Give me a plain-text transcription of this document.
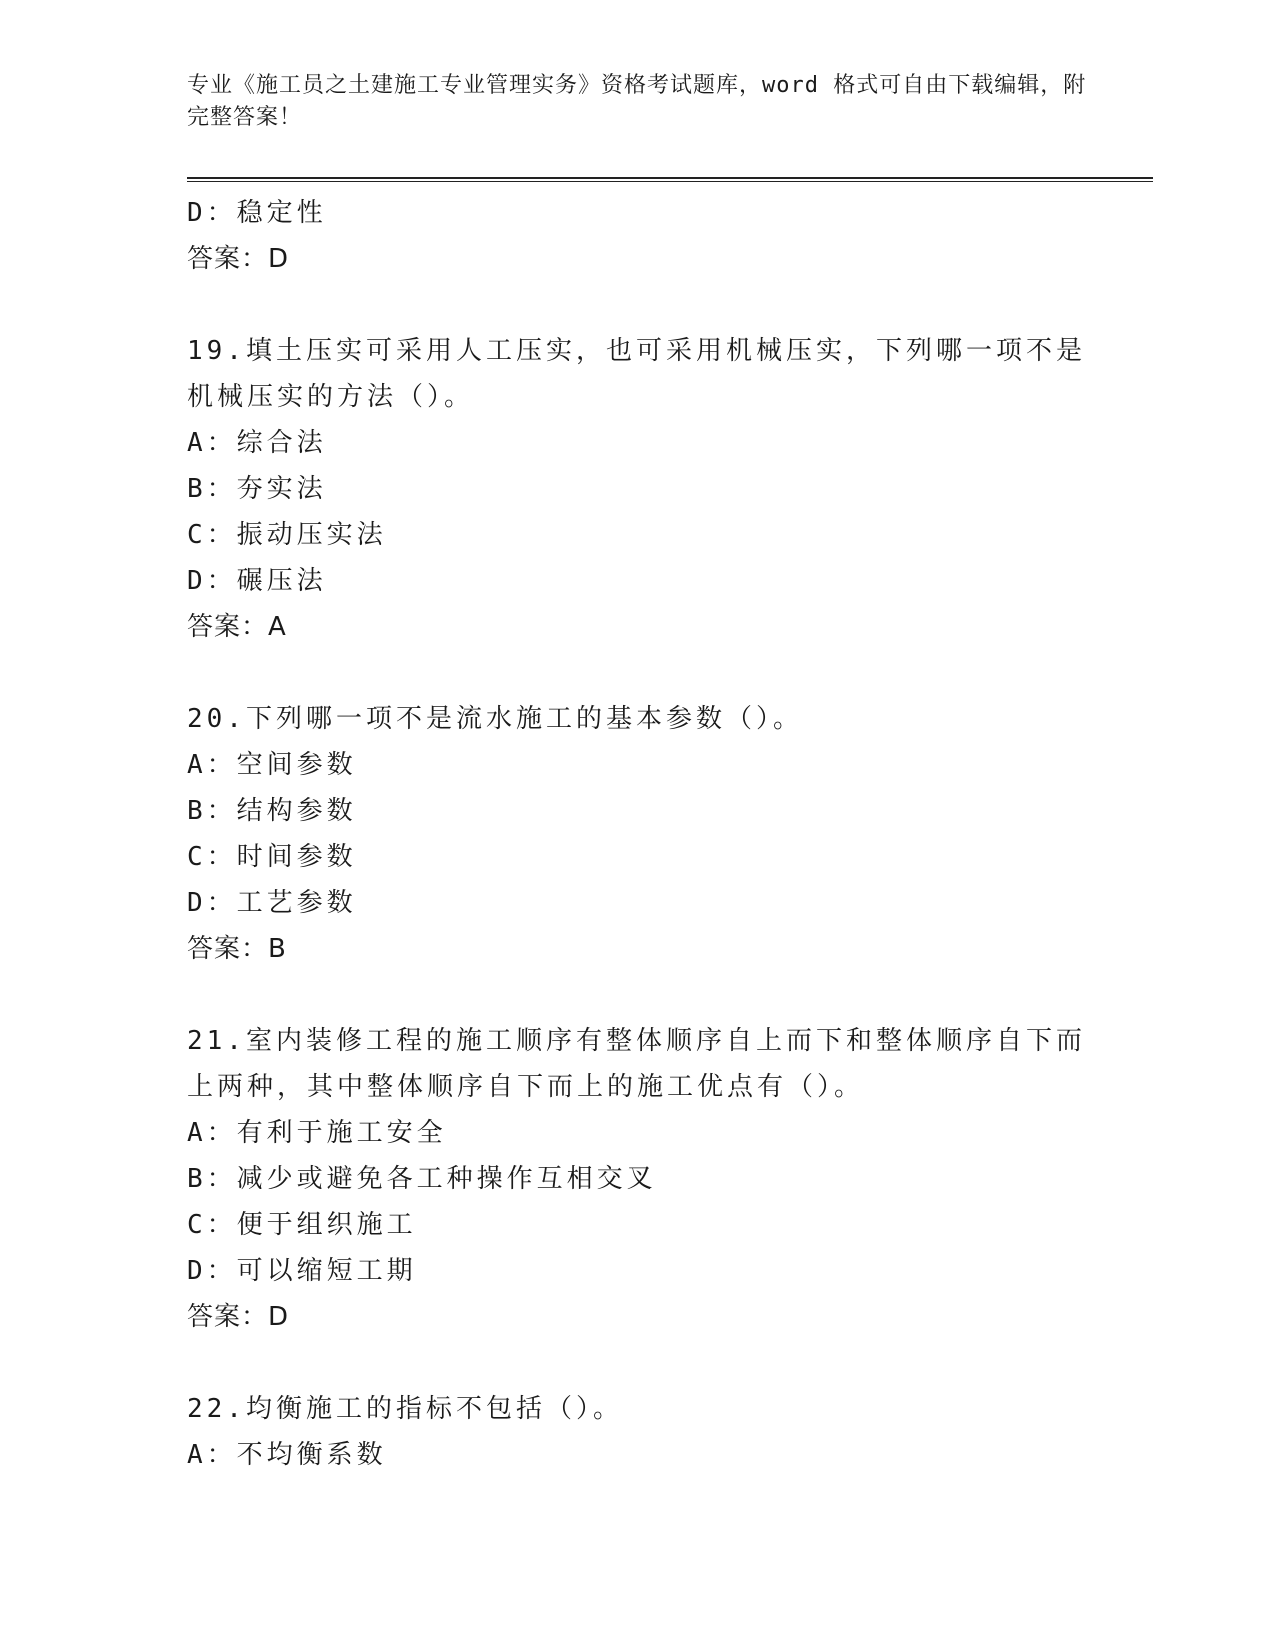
专业《施工员之土建施工专业管理实务》资格考试题库，word 格式可自由下载编辑，附完整答案！
D：稳定性
答案：D
19.填土压实可采用人工压实，也可采用机械压实，下列哪一项不是机械压实的方法（）。
A：综合法
B：夯实法
C：振动压实法
D：碾压法
答案：A
20.下列哪一项不是流水施工的基本参数（）。
A：空间参数
B：结构参数
C：时间参数
D：工艺参数
答案：B
21.室内装修工程的施工顺序有整体顺序自上而下和整体顺序自下而上两种，其中整体顺序自下而上的施工优点有（）。
A：有利于施工安全
B：减少或避免各工种操作互相交叉
C：便于组织施工
D：可以缩短工期
答案：D
22.均衡施工的指标不包括（）。
A：不均衡系数
